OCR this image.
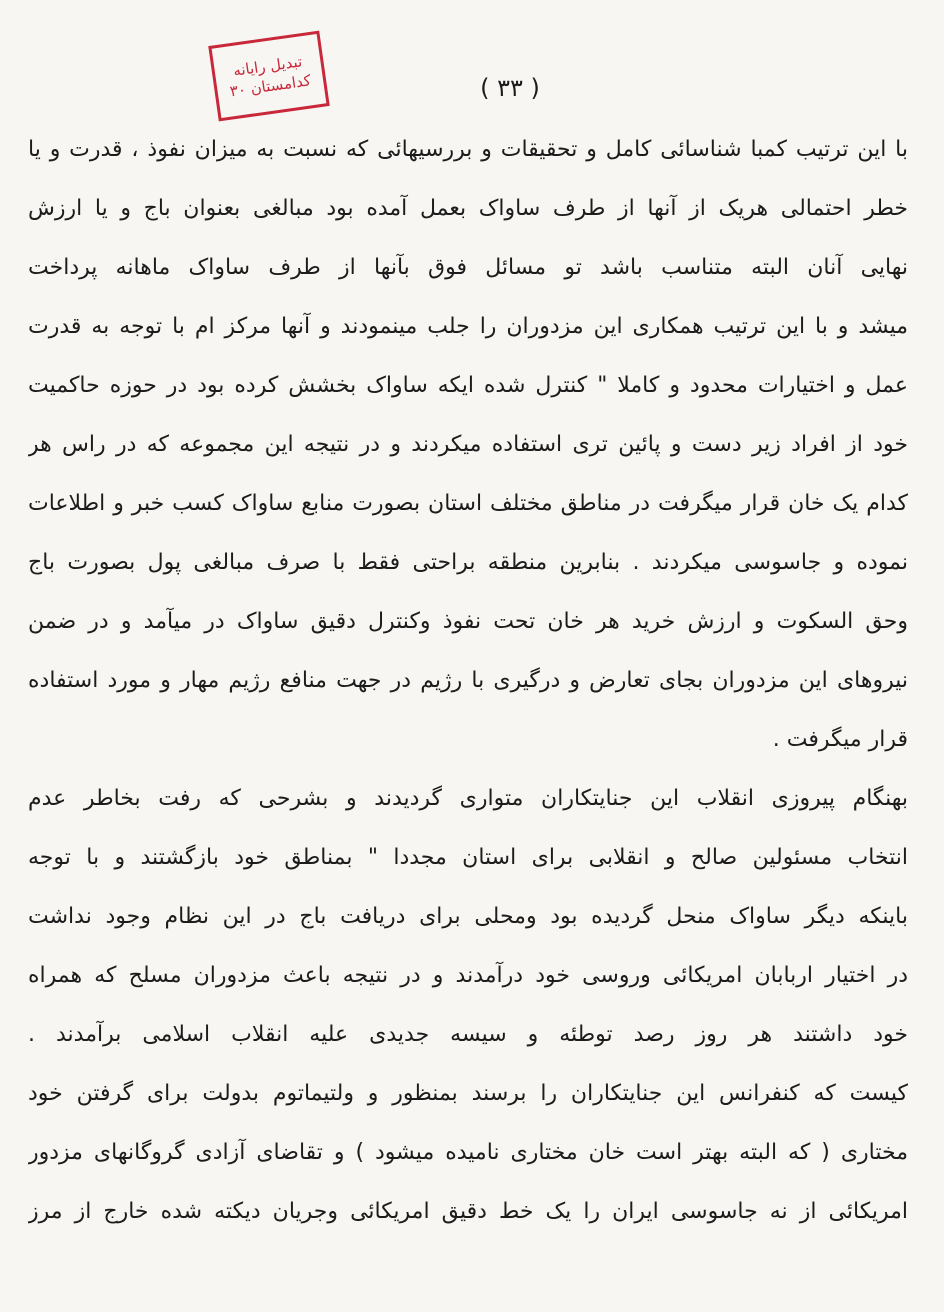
تبدیل رایانه
کدامستان ۳۰	( ۳۳ )
با این ترتیب کمبا شناسائی کامل و تحقیقات و بررسیهائی که نسبت به میزان نفوذ ، قدرت و یا
خطر احتمالی هریک از آنها از طرف ساواک بعمل آمده بود مبالغی بعنوان باج و یا ارزش
نهایی آنان البته متناسب باشد تو مسائل فوق بآنها از طرف ساواک ماهانه پرداخت
میشد و با این ترتیب همکاری این مزدوران را جلب مینمودند و آنها مرکز ام با توجه به قدرت
عمل و اختیارات محدود و کاملا " کنترل شده ایکه ساواک بخشش کرده بود در حوزه حاکمیت
خود از افراد زیر دست و پائین تری استفاده میکردند و در نتیجه این مجموعه که در راس هر
کدام یک خان قرار میگرفت در مناطق مختلف استان بصورت منابع ساواک کسب خبر و اطلاعات
نموده و جاسوسی میکردند . بنابرین منطقه براحتی فقط با صرف مبالغی پول بصورت باج
وحق السکوت و ارزش خرید هر خان تحت نفوذ وکنترل دقیق ساواک در میآمد و در ضمن
نیروهای این مزدوران بجای تعارض و درگیری با رژیم در جهت منافع رژیم مهار و مورد استفاده
قرار میگرفت .
بهنگام پیروزی انقلاب این جنایتکاران متواری گردیدند و بشرحی که رفت بخاطر عدم
انتخاب مسئولین صالح و انقلابی برای استان مجددا " بمناطق خود بازگشتند و با توجه
باینکه دیگر ساواک منحل گردیده بود ومحلی برای دریافت باج در این نظام وجود نداشت
در اختیار اربابان امریکائی وروسی خود درآمدند و در نتیجه باعث مزدوران مسلح که همراه
خود داشتند هر روز رصد توطئه و سیسه جدیدی علیه انقلاب اسلامی برآمدند .
کیست که کنفرانس این جنایتکاران را برسند بمنظور و ولتیماتوم بدولت برای گرفتن خود
مختاری ( که البته بهتر است خان مختاری نامیده میشود ) و تقاضای آزادی گروگانهای مزدور
امریکائی از نه جاسوسی ایران را یک خط دقیق امریکائی وجریان دیکته شده خارج از مرز
